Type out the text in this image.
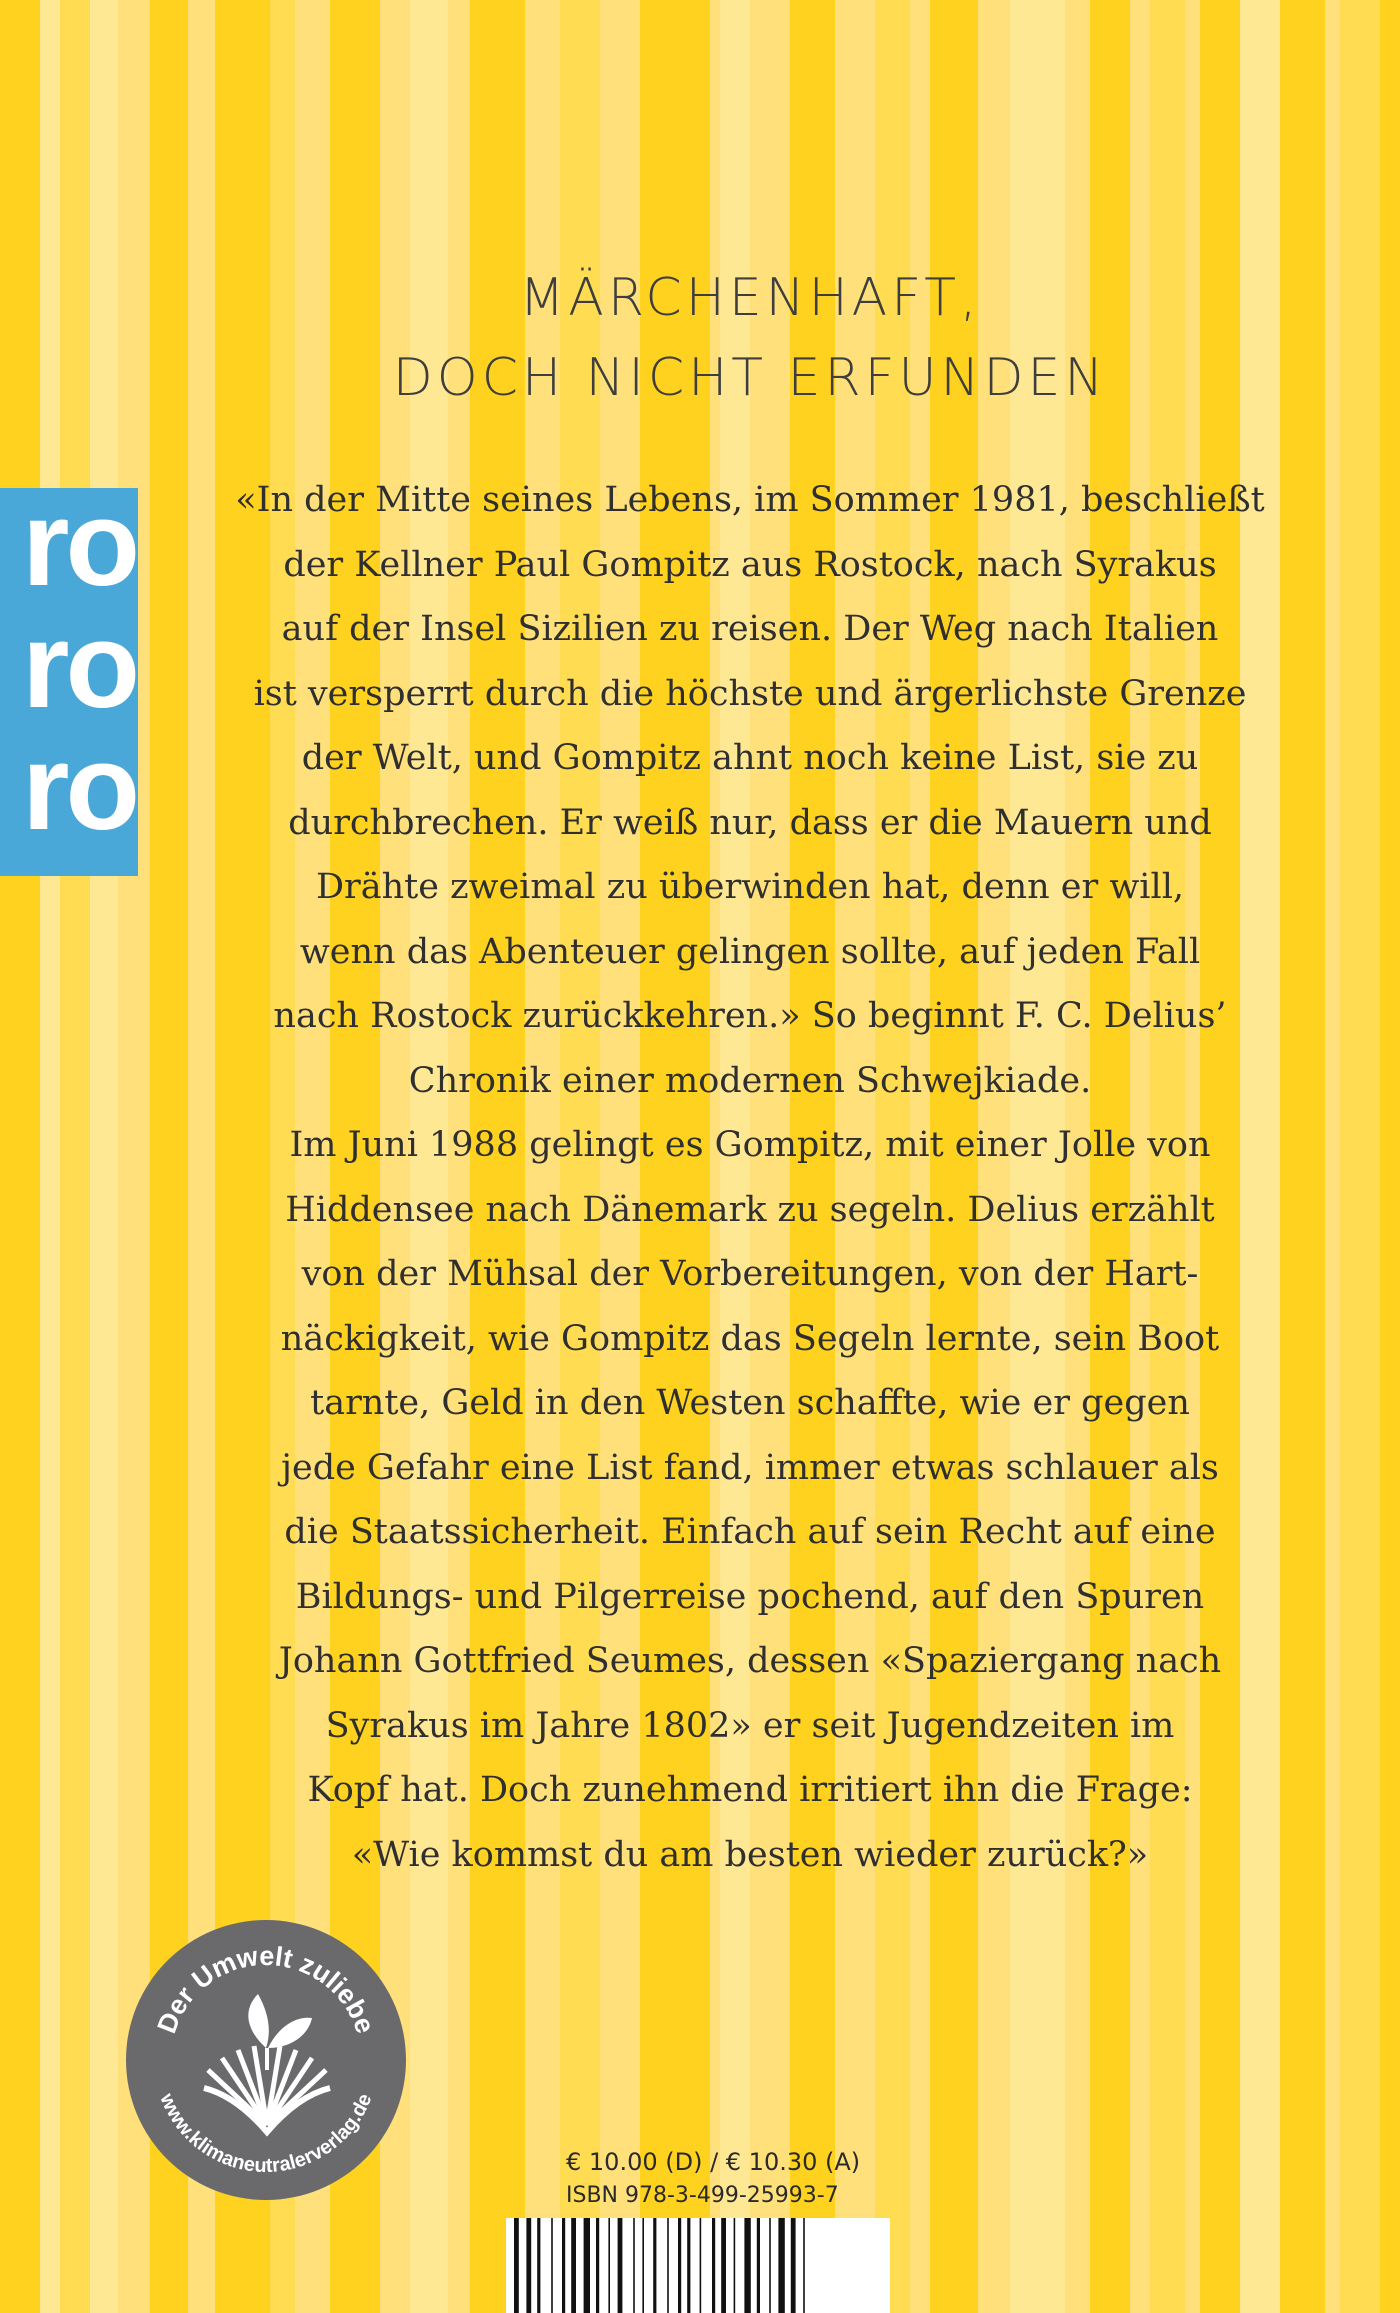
ro
ro
ro
MÄRCHENHAFT,
DOCH NICHT ERFUNDEN
«In der Mitte seines Lebens, im Sommer 1981, beschließt
der Kellner Paul Gompitz aus Rostock, nach Syrakus
auf der Insel Sizilien zu reisen. Der Weg nach Italien
ist versperrt durch die höchste und ärgerlichste Grenze
der Welt, und Gompitz ahnt noch keine List, sie zu
durchbrechen. Er weiß nur, dass er die Mauern und
Drähte zweimal zu überwinden hat, denn er will,
wenn das Abenteuer gelingen sollte, auf jeden Fall
nach Rostock zurückkehren.» So beginnt F. C. Delius’
Chronik einer modernen Schwejkiade.
Im Juni 1988 gelingt es Gompitz, mit einer Jolle von
Hiddensee nach Dänemark zu segeln. Delius erzählt
von der Mühsal der Vorbereitungen, von der Hart-
näckigkeit, wie Gompitz das Segeln lernte, sein Boot
tarnte, Geld in den Westen schaffte, wie er gegen
jede Gefahr eine List fand, immer etwas schlauer als
die Staatssicherheit. Einfach auf sein Recht auf eine
Bildungs- und Pilgerreise pochend, auf den Spuren
Johann Gottfried Seumes, dessen «Spaziergang nach
Syrakus im Jahre 1802» er seit Jugendzeiten im
Kopf hat. Doch zunehmend irritiert ihn die Frage:
«Wie kommst du am besten wieder zurück?»
Der Umwelt zuliebe
www.klimaneutralerverlag.de
€ 10.00 (D) / € 10.30 (A)
ISBN 978-3-499-25993-7
